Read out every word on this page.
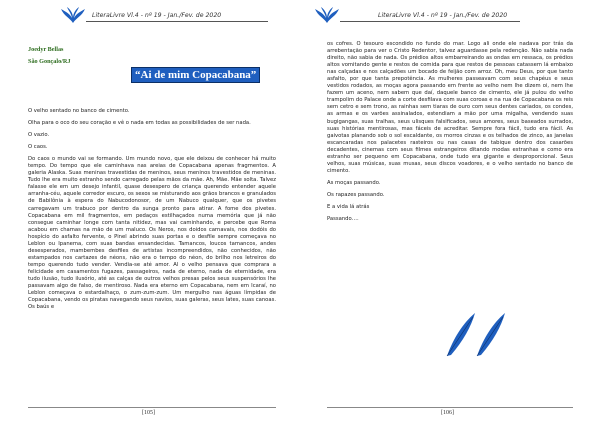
LiteraLivre Vl.4 - nº 19 - Jan./Fev. de 2020
Joedyr Bellas
São Gonçalo/RJ
“Ai de mim Copacabana”

O velho sentado no banco de cimento.

Olha para o oco do seu coração e vê o nada em todas as possibilidades de ser nada.

O vazio.

O caos.

Do caos o mundo vai se formando. Um mundo novo, que ele deixou de conhecer há muito tempo. Do tempo que ele caminhava nas areias de Copacabana apenas fragmentos. A galeria Alaska. Suas meninas travestidas de meninos, seus meninos travestidos de meninas. Tudo lhe era muito estranho sendo carregado pelas mãos da mãe. Ah, Mãe. Mãe solta. Talvez falasse ele em um desejo infantil, quase desespero de criança querendo entender aquele arranha-céu, aquele corredor escuro, os sexos se misturando aos grãos brancos e granulados de Babilônia à espera do Nabucodonosor, de um Nabuco qualquer, que os pivetes carregavam um trabuco por dentro da sunga pronto para atirar. A fome dos pivetes. Copacabana em mil fragmentos, em pedaços estilhaçados numa memória que já não consegue caminhar longe com tanta nitidez, mas vai caminhando, e percebe que Roma acabou em chamas na mão de um maluco. Os Neros, nos doidos carnavais, nos dodóis do hospício do asfalto fervente, o Pinel abrindo suas portas e o desfile sempre começava no Leblon ou Ipanema, com suas bandas ensandecidas. Tamancos, loucos tamancos, andes desesperados, mambembes desfiles de artistas incompreendidos, não conhecidos, não estampados nos cartazes de néons, não era o tempo do néon, do brilho nos letreiros do tempo querendo tudo vender. Vendia-se até amor. Al o velho pensava que comprara a felicidade em casamentos fugazes, passageiros, nada de eterno, nada de eternidade, era tudo ilusão, tudo ilusório, até as calças de outros velhos presas pelos seus suspensórios lhe passavam algo de falso, de mentiroso. Nada era eterno em Copacabana, nem em Icaraí, no Leblon começava o estardalhaço, o zum-zum-zum. Um mergulho nas águas límpidas de Copacabana, vendo os piratas navegando seus navios, suas galeras, seus lates, suas canoas. Os baús e

[105]
LiteraLivre Vl.4 - nº 19 - Jan./Fev. de 2020

os cofres. O tesouro escondido no fundo do mar. Logo ali onde ele nadava por trás da arrebentação para ver o Cristo Redentor, talvez aguardasse pela redenção. Não sabia nada direito, não sabia de nada. Os prédios altos embarreirando as ondas em ressaca, os prédios altos vomitando gente e restos de comida para que restos de pessoas catassem lá embaixo nas calçadas e nos calçadões um bocado de feijão com arroz. Oh, meu Deus, por que tanto asfalto, por que tanta prepotência. As mulheres passeavam com seus chapéus e seus vestidos rodados, as moças agora passando em frente ao velho nem lhe dizem oi, nem lhe fazem um aceno, nem sabem que daí, daquele banco de cimento, ele já pulou do velho trampolim do Palace onde a corte desfilava com suas coroas e na rua de Copacabana os reis sem cetro e sem trono, as rainhas sem tiaras de ouro com seus dentes cariados, os condes, as armas e os varões assinalados, estendiam a mão por uma migalha, vendendo suas bugigangas, suas tralhas, seus ulisques falsificados, seus amores, seus baseados surrados, suas histórias mentirosas, mas fáceis de acreditar. Sempre fora fácil, tudo era fácil. As gaivotas planando sob o sol escaldante, os morros cinzas e os telhados de zinco, as janelas escancaradas nos palacetes rasteiros ou nas casas de tabique dentro dos casarões decadentes, cinemas com seus filmes estrangeiros ditando modas estranhas e como era estranho ser pequeno em Copacabana, onde tudo era gigante e desproporcional. Seus velhos, suas músicas, suas musas, seus discos voadores, e o velho sentado no banco de cimento.

As moças passando.

Os rapazes passando.

E a vida lá atrás

Passando….

[106]
